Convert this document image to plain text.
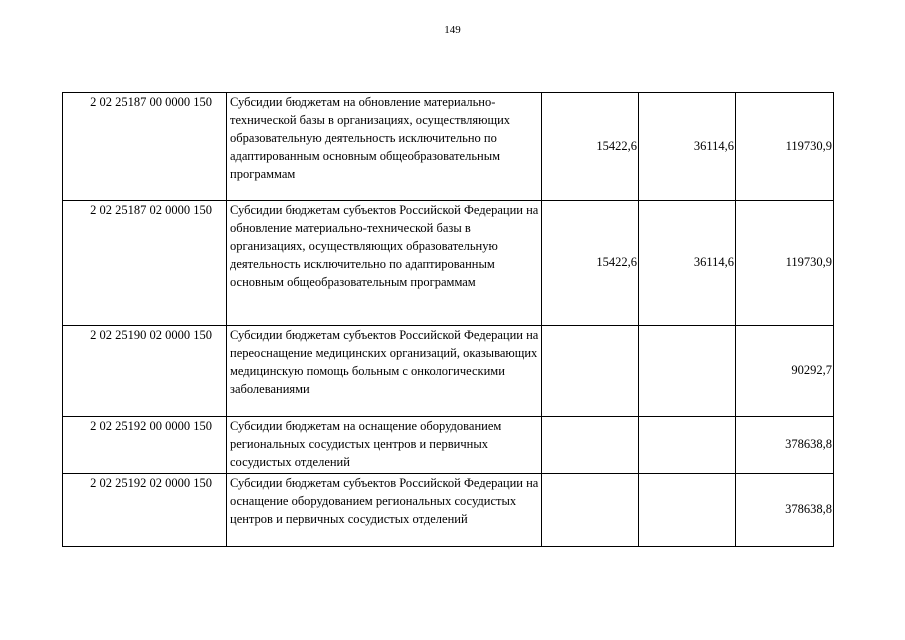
149
2 02 25187 00 0000 150	Субсидии бюджетам на обновление материально-технической базы в организациях, осуществляющих образовательную деятельность исключительно по адаптированным основным общеобразовательным программам	15422,6	36114,6	119730,9
2 02 25187 02 0000 150	Субсидии бюджетам субъектов Российской Федерации на обновление материально-технической базы в организациях, осуществляющих образовательную деятельность исключительно по адаптированным основным общеобразовательным программам	15422,6	36114,6	119730,9
2 02 25190 02 0000 150	Субсидии бюджетам субъектов Российской Федерации на переоснащение медицинских организаций, оказывающих медицинскую помощь больным с онкологическими заболеваниями			90292,7
2 02 25192 00 0000 150	Субсидии бюджетам на оснащение оборудованием региональных сосудистых центров и первичных сосудистых отделений			378638,8
2 02 25192 02 0000 150	Субсидии бюджетам субъектов Российской Федерации на оснащение оборудованием региональных сосудистых центров и первичных сосудистых отделений			378638,8
